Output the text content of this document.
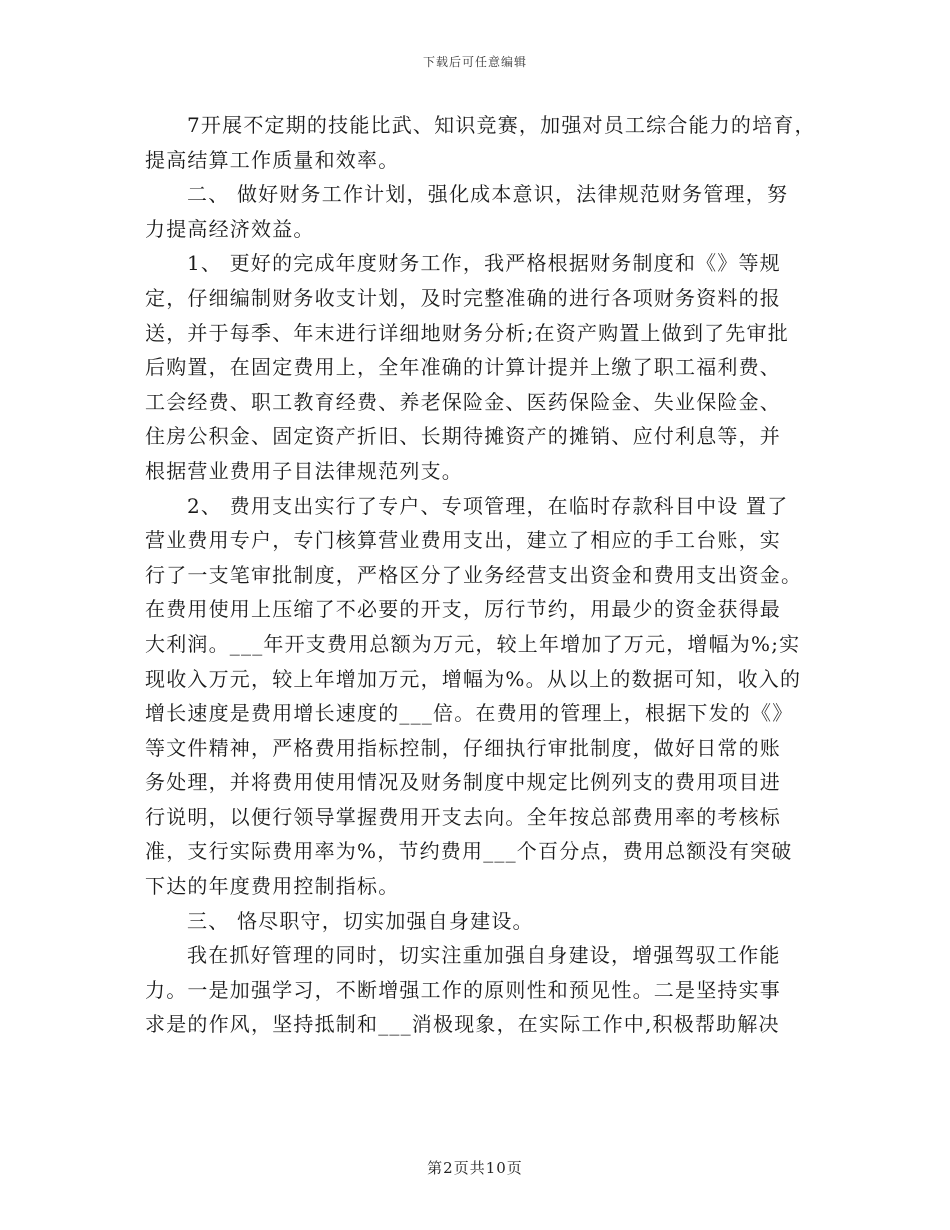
下载后可任意编辑
7开展不定期的技能比武、知识竞赛，加强对员工综合能力的培育，
提高结算工作质量和效率。
二、 做好财务工作计划，强化成本意识，法律规范财务管理，努
力提高经济效益。
1、 更好的完成年度财务工作，我严格根据财务制度和《》等规
定，仔细编制财务收支计划，及时完整准确的进行各项财务资料的报
送，并于每季、年末进行详细地财务分析;在资产购置上做到了先审批
后购置，在固定费用上，全年准确的计算计提并上缴了职工福利费、
工会经费、职工教育经费、养老保险金、医药保险金、失业保险金、
住房公积金、固定资产折旧、长期待摊资产的摊销、应付利息等，并
根据营业费用子目法律规范列支。
2、 费用支出实行了专户、专项管理，在临时存款科目中设 置了
营业费用专户，专门核算营业费用支出，建立了相应的手工台账，实
行了一支笔审批制度，严格区分了业务经营支出资金和费用支出资金。
在费用使用上压缩了不必要的开支，厉行节约，用最少的资金获得最
大利润。___年开支费用总额为万元，较上年增加了万元，增幅为%;实
现收入万元，较上年增加万元，增幅为%。从以上的数据可知，收入的
增长速度是费用增长速度的___倍。在费用的管理上，根据下发的《》
等文件精神，严格费用指标控制，仔细执行审批制度，做好日常的账
务处理，并将费用使用情况及财务制度中规定比例列支的费用项目进
行说明，以便行领导掌握费用开支去向。全年按总部费用率的考核标
准，支行实际费用率为%，节约费用___个百分点，费用总额没有突破
下达的年度费用控制指标。
三、 恪尽职守，切实加强自身建设。
我在抓好管理的同时，切实注重加强自身建设，增强驾驭工作能
力。一是加强学习，不断增强工作的原则性和预见性。二是坚持实事
求是的作风，坚持抵制和___消极现象，在实际工作中,积极帮助解决
第2页共10页
